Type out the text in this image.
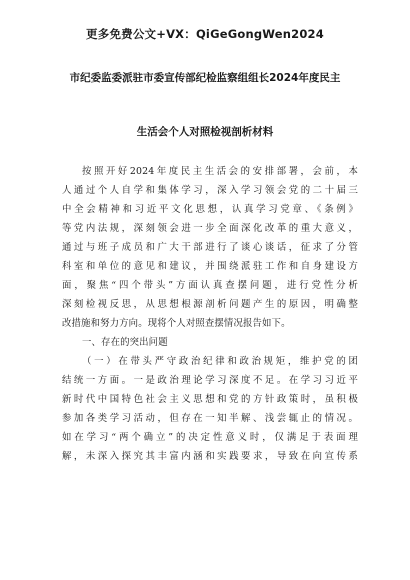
更多免费公文+VX：QiGeGongWen2024
市纪委监委派驻市委宣传部纪检监察组组长2024年度民主
生活会个人对照检视剖析材料
按照开好2024年度民主生活会的安排部署，会前，本
人通过个人自学和集体学习，深入学习领会党的二十届三
中全会精神和习近平文化思想，认真学习党章、《条例》
等党内法规，深刻领会进一步全面深化改革的重大意义，
通过与班子成员和广大干部进行了谈心谈话，征求了分管
科室和单位的意见和建议，并围绕派驻工作和自身建设方
面，聚焦“四个带头”方面认真查摆问题，进行党性分析
深刻检视反思，从思想根源剖析问题产生的原因，明确整
改措施和努力方向。现将个人对照查摆情况报告如下。
一、存在的突出问题
（一）在带头严守政治纪律和政治规矩，维护党的团
结统一方面。一是政治理论学习深度不足。在学习习近平
新时代中国特色社会主义思想和党的方针政策时，虽积极
参加各类学习活动，但存在一知半解、浅尝辄止的情况。
如在学习“两个确立”的决定性意义时，仅满足于表面理
解，未深入探究其丰富内涵和实践要求，导致在向宣传系
